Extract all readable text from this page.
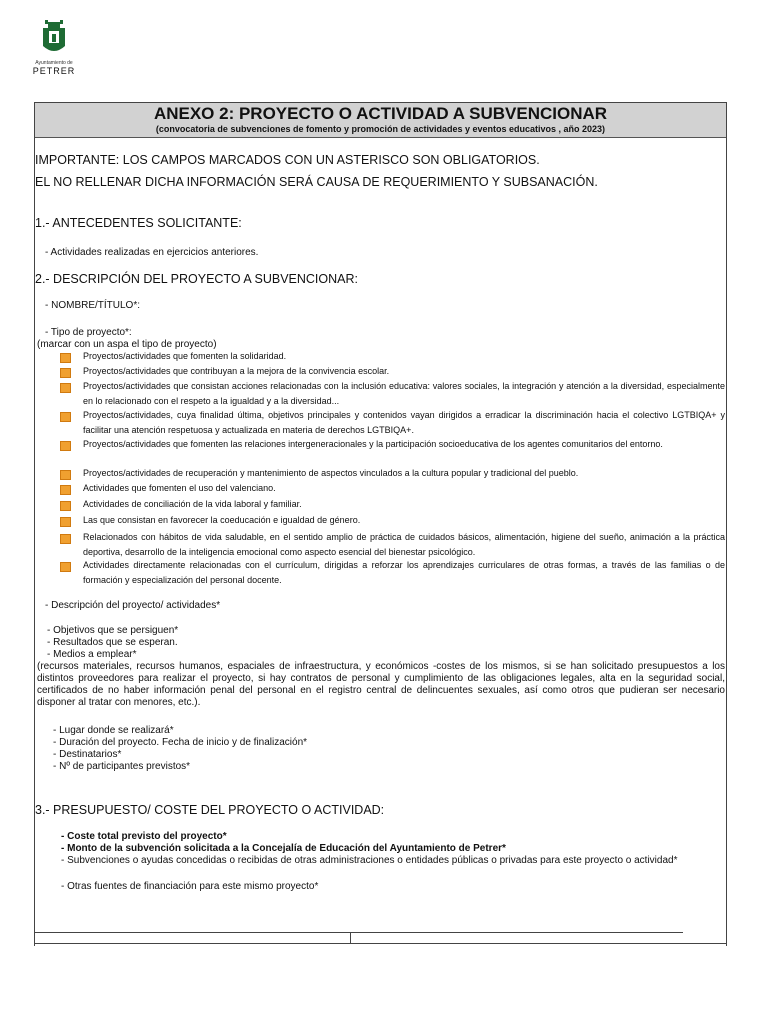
Ayuntamiento de
PETRER
ANEXO 2: PROYECTO O ACTIVIDAD A SUBVENCIONAR
(convocatoria de subvenciones de fomento y promoción de actividades y eventos educativos , año 2023)
IMPORTANTE: LOS CAMPOS MARCADOS CON UN ASTERISCO SON OBLIGATORIOS.
EL NO RELLENAR DICHA INFORMACIÓN SERÁ CAUSA DE REQUERIMIENTO Y SUBSANACIÓN.
1.- ANTECEDENTES SOLICITANTE:
- Actividades realizadas en ejercicios anteriores.
2.- DESCRIPCIÓN DEL PROYECTO A SUBVENCIONAR:
- NOMBRE/TÍTULO*:
- Tipo de proyecto*:
(marcar con un aspa el tipo de proyecto)
Proyectos/actividades que fomenten la solidaridad.
Proyectos/actividades que contribuyan a la mejora de la convivencia escolar.
Proyectos/actividades que consistan acciones relacionadas con la inclusión educativa: valores sociales, la integración y atención a la diversidad, especialmente en lo relacionado con el respeto a la igualdad y a la diversidad...
Proyectos/actividades, cuya finalidad última, objetivos principales y contenidos vayan dirigidos a erradicar la discriminación hacia el colectivo LGTBIQA+ y facilitar una atención respetuosa y actualizada en materia de derechos LGTBIQA+.
Proyectos/actividades que fomenten las relaciones intergeneracionales y la participación socioeducativa de los agentes comunitarios del entorno.
Proyectos/actividades de recuperación y mantenimiento de aspectos vinculados a la cultura popular y tradicional del pueblo.
Actividades que fomenten el uso del valenciano.
Actividades de conciliación de la vida laboral y familiar.
Las que consistan en favorecer la coeducación e igualdad de género.
Relacionados con hábitos de vida saludable, en el sentido amplio de práctica de cuidados básicos, alimentación, higiene del sueño, animación a la práctica deportiva, desarrollo de la inteligencia emocional como aspecto esencial del bienestar psicológico.
Actividades directamente relacionadas con el currículum, dirigidas a reforzar los aprendizajes curriculares de otras formas, a través de las familias o de formación y especialización del personal docente.
- Descripción del proyecto/ actividades*
- Objetivos que se persiguen*
- Resultados que se esperan.
- Medios a emplear*
(recursos materiales, recursos humanos, espaciales de infraestructura, y económicos -costes de los mismos, si se han solicitado presupuestos a los distintos proveedores para realizar el proyecto, si hay contratos de personal y cumplimiento de las obligaciones legales, alta en la seguridad social, certificados de no haber información penal del personal en el registro central de delincuentes sexuales, así como otros que pudieran ser necesario disponer al tratar con menores, etc.).
- Lugar donde se realizará*
- Duración del proyecto. Fecha de inicio y de finalización*
- Destinatarios*
- Nº de participantes previstos*
3.- PRESUPUESTO/ COSTE DEL PROYECTO O ACTIVIDAD:
- Coste total previsto del proyecto*
- Monto de la subvención solicitada a la Concejalía de Educación del Ayuntamiento de Petrer*
- Subvenciones o ayudas concedidas o recibidas de otras administraciones o entidades públicas o privadas para este proyecto o actividad*
- Otras fuentes de financiación para este mismo proyecto*
